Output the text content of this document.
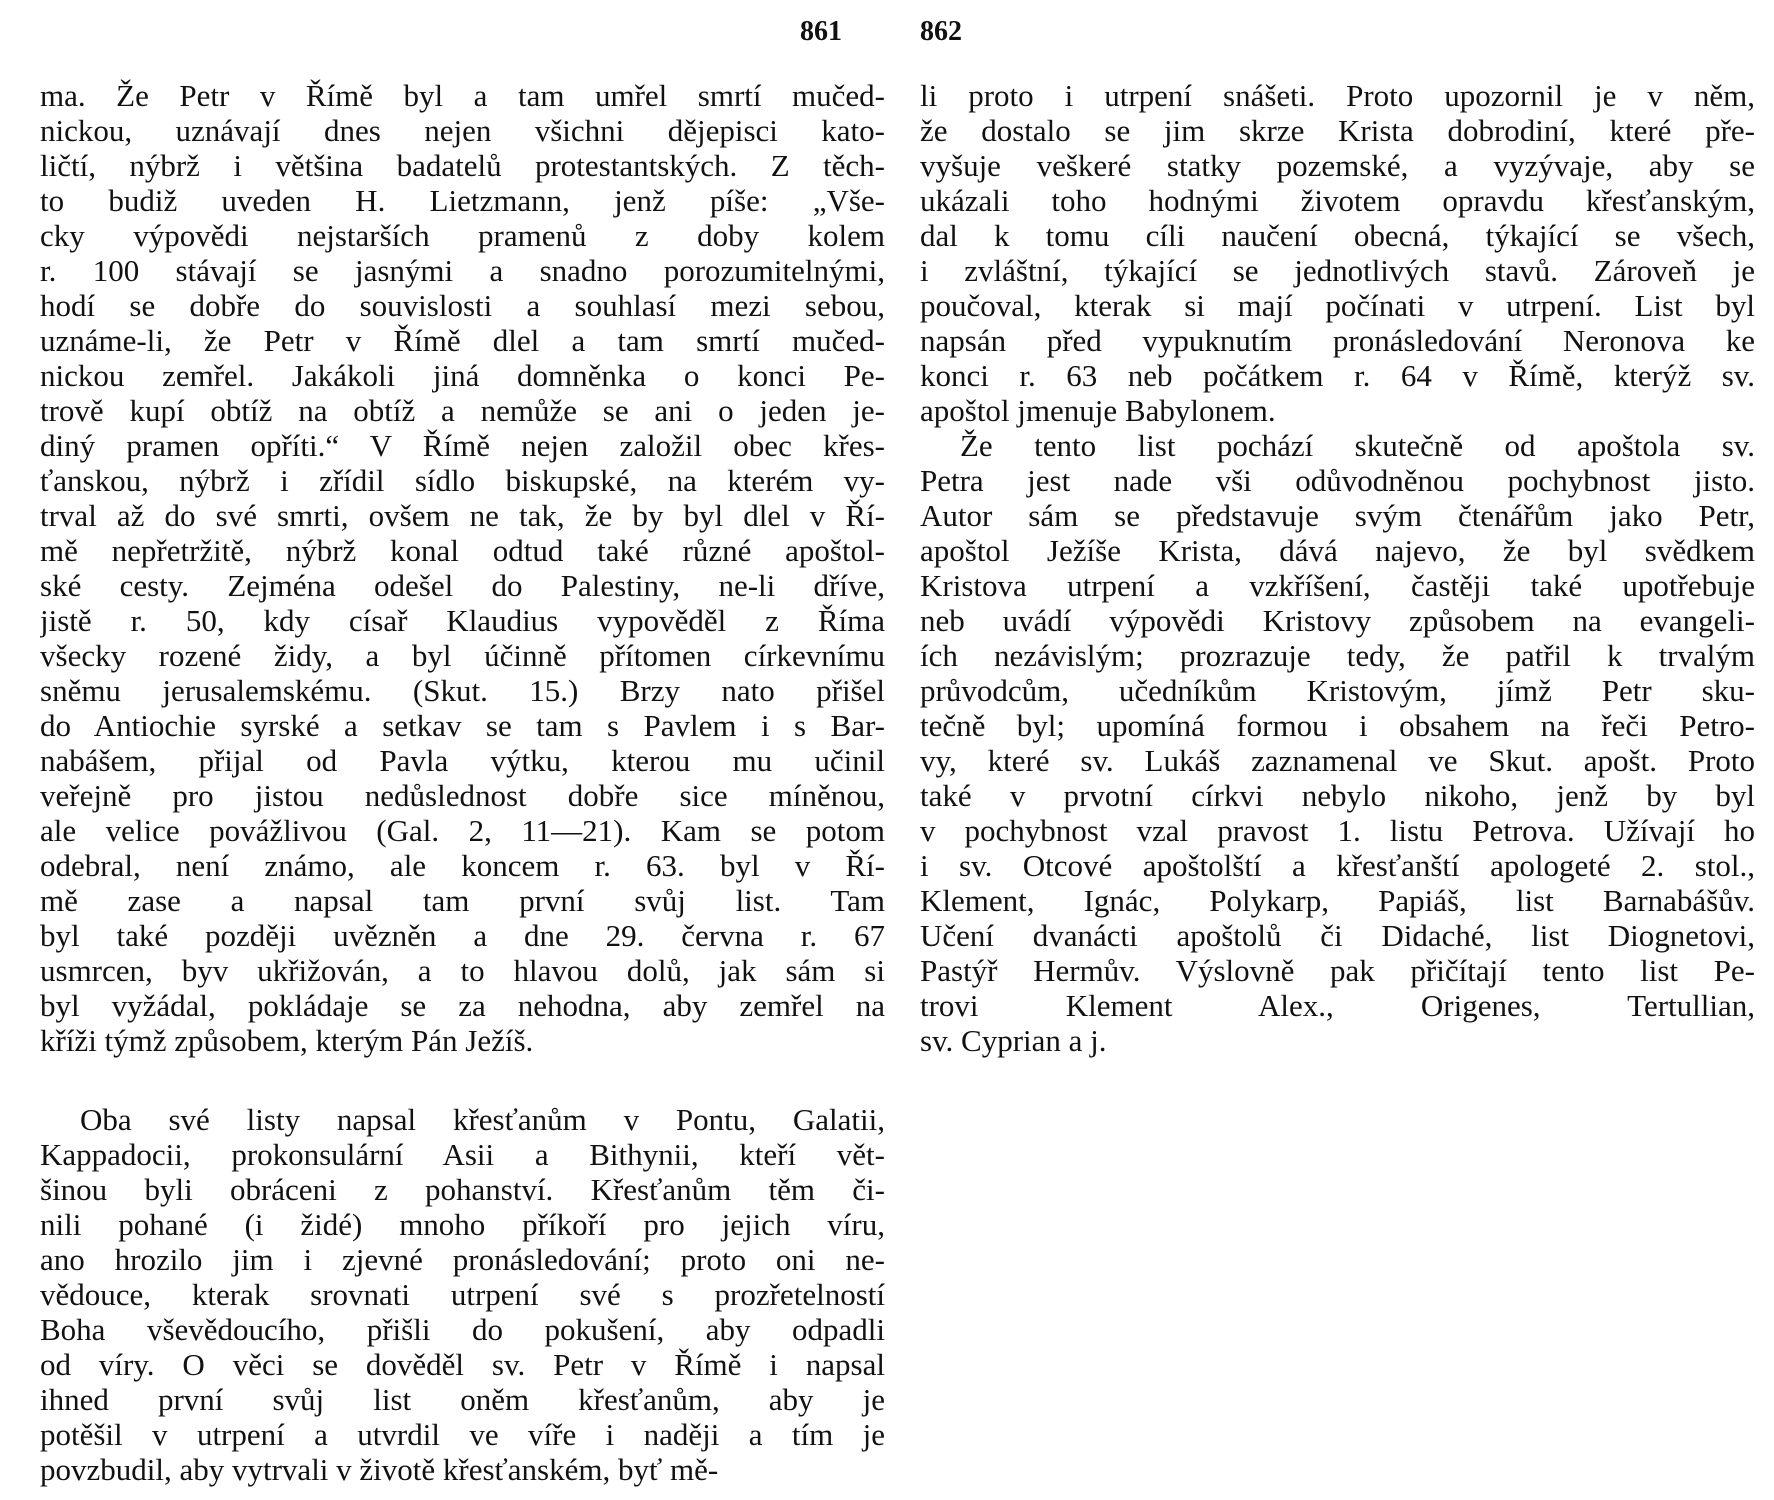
861	862
ma. Že Petr v Římě byl a tam umřel smrtí mučed-
nickou, uznávají dnes nejen všichni dějepisci kato-
ličtí, nýbrž i většina badatelů protestantských. Z těch-
to budiž uveden H. Lietzmann, jenž píše: „Vše-
cky výpovědi nejstarších pramenů z doby kolem
r. 100 stávají se jasnými a snadno porozumitelnými,
hodí se dobře do souvislosti a souhlasí mezi sebou,
uznáme-li, že Petr v Římě dlel a tam smrtí mučed-
nickou zemřel. Jakákoli jiná domněnka o konci Pe-
trově kupí obtíž na obtíž a nemůže se ani o jeden je-
diný pramen opříti.“ V Římě nejen založil obec křes-
ťanskou, nýbrž i zřídil sídlo biskupské, na kterém vy-
trval až do své smrti, ovšem ne tak, že by byl dlel v Ří-
mě nepřetržitě, nýbrž konal odtud také různé apoštol-
ské cesty. Zejména odešel do Palestiny, ne-li dříve,
jistě r. 50, kdy císař Klaudius vypověděl z Říma
všecky rozené židy, a byl účinně přítomen církevnímu
sněmu jerusalemskému. (Skut. 15.) Brzy nato přišel
do Antiochie syrské a setkav se tam s Pavlem i s Bar-
nabášem, přijal od Pavla výtku, kterou mu učinil
veřejně pro jistou nedůslednost dobře sice míněnou,
ale velice povážlivou (Gal. 2, 11—21). Kam se potom
odebral, není známo, ale koncem r. 63. byl v Ří-
mě zase a napsal tam první svůj list. Tam
byl také později uvězněn a dne 29. června r. 67
usmrcen, byv ukřižován, a to hlavou dolů, jak sám si
byl vyžádal, pokládaje se za nehodna, aby zemřel na
kříži týmž způsobem, kterým Pán Ježíš.
Oba své listy napsal křesťanům v Pontu, Galatii,
Kappadocii, prokonsulární Asii a Bithynii, kteří vět-
šinou byli obráceni z pohanství. Křesťanům těm či-
nili pohané (i židé) mnoho příkoří pro jejich víru,
ano hrozilo jim i zjevné pronásledování; proto oni ne-
vědouce, kterak srovnati utrpení své s prozřetelností
Boha vševědoucího, přišli do pokušení, aby odpadli
od víry. O věci se dověděl sv. Petr v Římě i napsal
ihned první svůj list oněm křesťanům, aby je
potěšil v utrpení a utvrdil ve víře i naději a tím je
povzbudil, aby vytrvali v životě křesťanském, byť mě-
li proto i utrpení snášeti. Proto upozornil je v něm,
že dostalo se jim skrze Krista dobrodiní, které pře-
vyšuje veškeré statky pozemské, a vyzývaje, aby se
ukázali toho hodnými životem opravdu křesťanským,
dal k tomu cíli naučení obecná, týkající se všech,
i zvláštní, týkající se jednotlivých stavů. Zároveň je
poučoval, kterak si mají počínati v utrpení. List byl
napsán před vypuknutím pronásledování Neronova ke
konci r. 63 neb počátkem r. 64 v Římě, kterýž sv.
apoštol jmenuje Babylonem.
Že tento list pochází skutečně od apoštola sv.
Petra jest nade vši odůvodněnou pochybnost jisto.
Autor sám se představuje svým čtenářům jako Petr,
apoštol Ježíše Krista, dává najevo, že byl svědkem
Kristova utrpení a vzkříšení, častěji také upotřebuje
neb uvádí výpovědi Kristovy způsobem na evangeli-
ích nezávislým; prozrazuje tedy, že patřil k trvalým
průvodcům, učedníkům Kristovým, jímž Petr sku-
tečně byl; upomíná formou i obsahem na řeči Petro-
vy, které sv. Lukáš zaznamenal ve Skut. apošt. Proto
také v prvotní církvi nebylo nikoho, jenž by byl
v pochybnost vzal pravost 1. listu Petrova. Užívají ho
i sv. Otcové apoštolští a křesťanští apologeté 2. stol.,
Klement, Ignác, Polykarp, Papiáš, list Barnabášův.
Učení dvanácti apoštolů či Didaché, list Diognetovi,
Pastýř Hermův. Výslovně pak přičítají tento list Pe-
trovi Klement Alex., Origenes, Tertullian,
sv. Cyprian a j.
